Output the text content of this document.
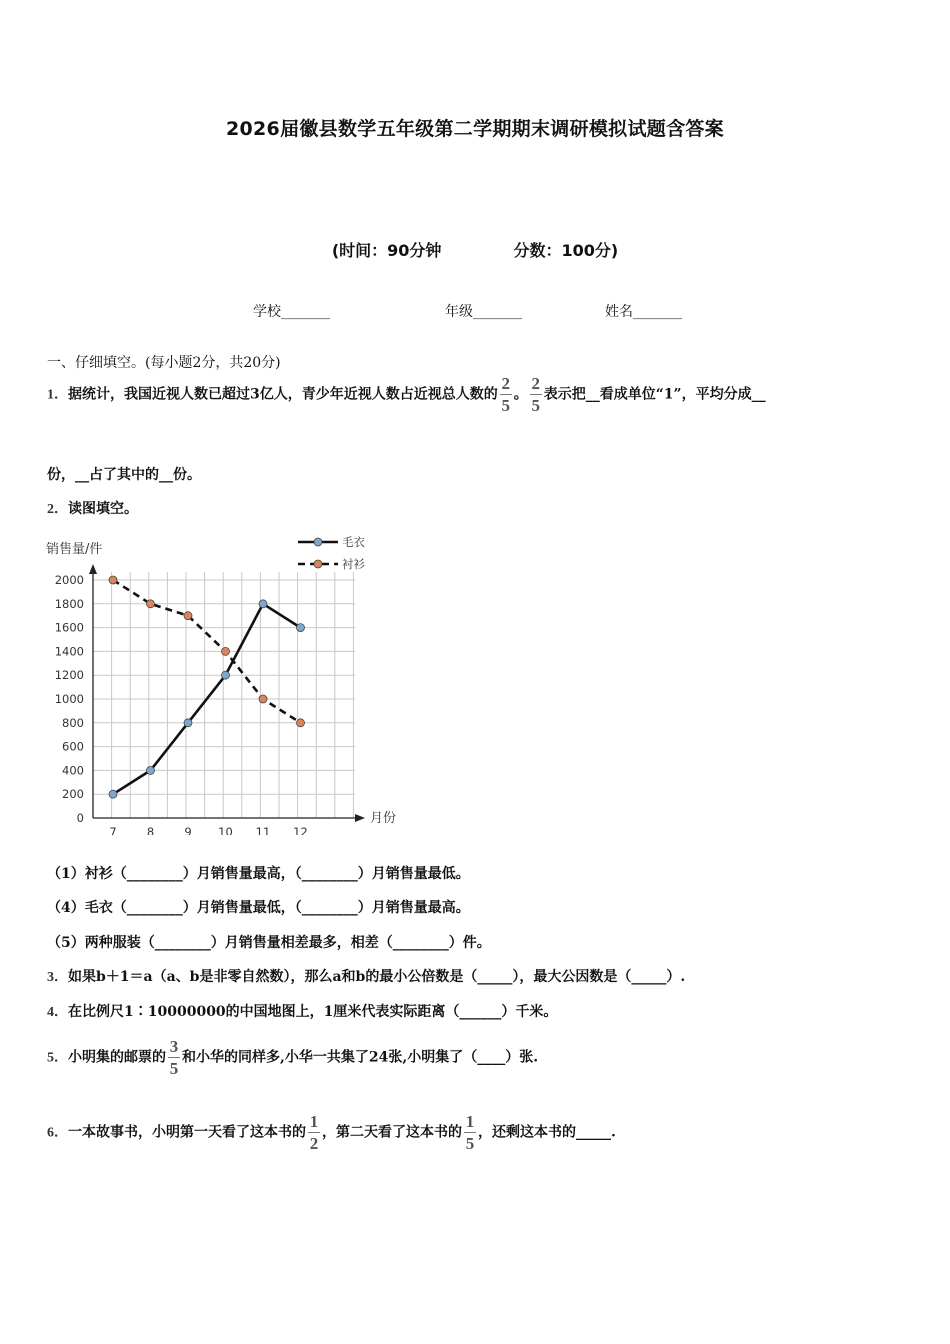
2026届徽县数学五年级第二学期期末调研模拟试题含答案
(时间：90分钟	分数：100分)
学校_______	年级_______	姓名_______
一、仔细填空。(每小题2分，共20分)
1．据统计，我国近视人数已超过3亿人，青少年近视人数占近视总人数的 $\frac{2}{5}$ 。 $\frac{2}{5}$ 表示把__看成单位“1”，平均分成__
份，__占了其中的__份。
2．读图填空。
销售量/件
月份
0
200
400
600
800
1000
1200
1400
1600
1800
2000
7	8	9 10 11 12
毛衣
衬衫
（1）衬衫（________）月销售量最高，（________）月销售量最低。
（4）毛衣（________）月销售量最低，（________）月销售量最高。
（5）两种服装（________）月销售量相差最多，相差（________）件。
3．如果b＋1＝a（a、b是非零自然数），那么a和b的最小公倍数是（_____），最大公因数是（_____）.
4．在比例尺1∶10000000的中国地图上，1厘米代表实际距离（______）千米。
5．小明集的邮票的 $\frac{3}{5}$ 和小华的同样多,小华一共集了24张,小明集了（____）张.
6．一本故事书，小明第一天看了这本书的 $\frac{1}{2}$ ，第二天看了这本书的 $\frac{1}{5}$ ，还剩这本书的_____.
